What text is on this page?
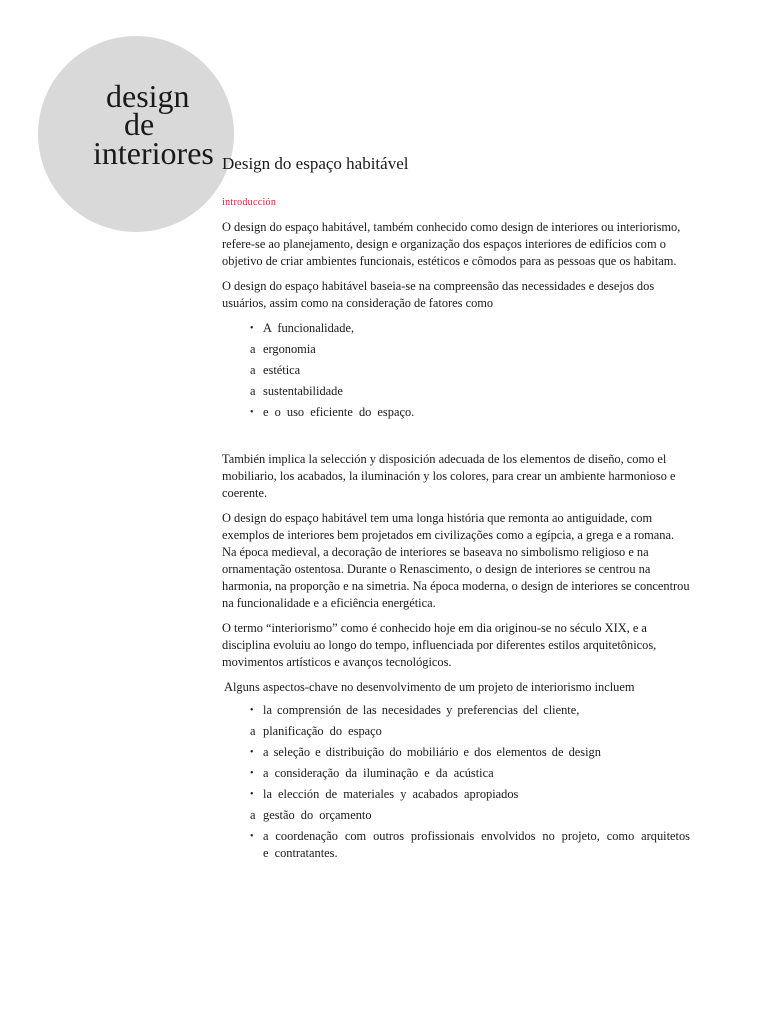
design
de
interiores Design do espaço habitável
introducción

O design do espaço habitável, também conhecido como design de interiores ou interiorismo, refere-se ao planejamento, design e organização dos espaços interiores de edifícios com o objetivo de criar ambientes funcionais, estéticos e cômodos para as pessoas que os habitam.

O design do espaço habitável baseia-se na compreensão das necessidades e desejos dos usuários, assim como na consideração de fatores como

• A funcionalidade,
a ergonomia
a estética
a sustentabilidade
• e o uso eficiente do espaço.

También implica la selección y disposición adecuada de los elementos de diseño, como el mobiliario, los acabados, la iluminación y los colores, para crear un ambiente harmonioso e coerente.

O design do espaço habitável tem uma longa história que remonta ao antiguidade, com exemplos de interiores bem projetados em civilizações como a egípcia, a grega e a romana. Na época medieval, a decoração de interiores se baseava no simbolismo religioso e na ornamentação ostentosa. Durante o Renascimento, o design de interiores se centrou na harmonia, na proporção e na simetria. Na época moderna, o design de interiores se concentrou na funcionalidade e a eficiência energética.

O termo “interiorismo” como é conhecido hoje em dia originou-se no século XIX, e a disciplina evoluiu ao longo do tempo, influenciada por diferentes estilos arquitetônicos, movimentos artísticos e avanços tecnológicos.

Alguns aspectos-chave no desenvolvimento de um projeto de interiorismo incluem

• la comprensión de las necesidades y preferencias del cliente,
a planificação do espaço
• a seleção e distribuição do mobiliário e dos elementos de design
• a consideração da iluminação e da acústica
• la elección de materiales y acabados apropiados
a gestão do orçamento
• a coordenação com outros profissionais envolvidos no projeto, como arquitetos e contratantes.
